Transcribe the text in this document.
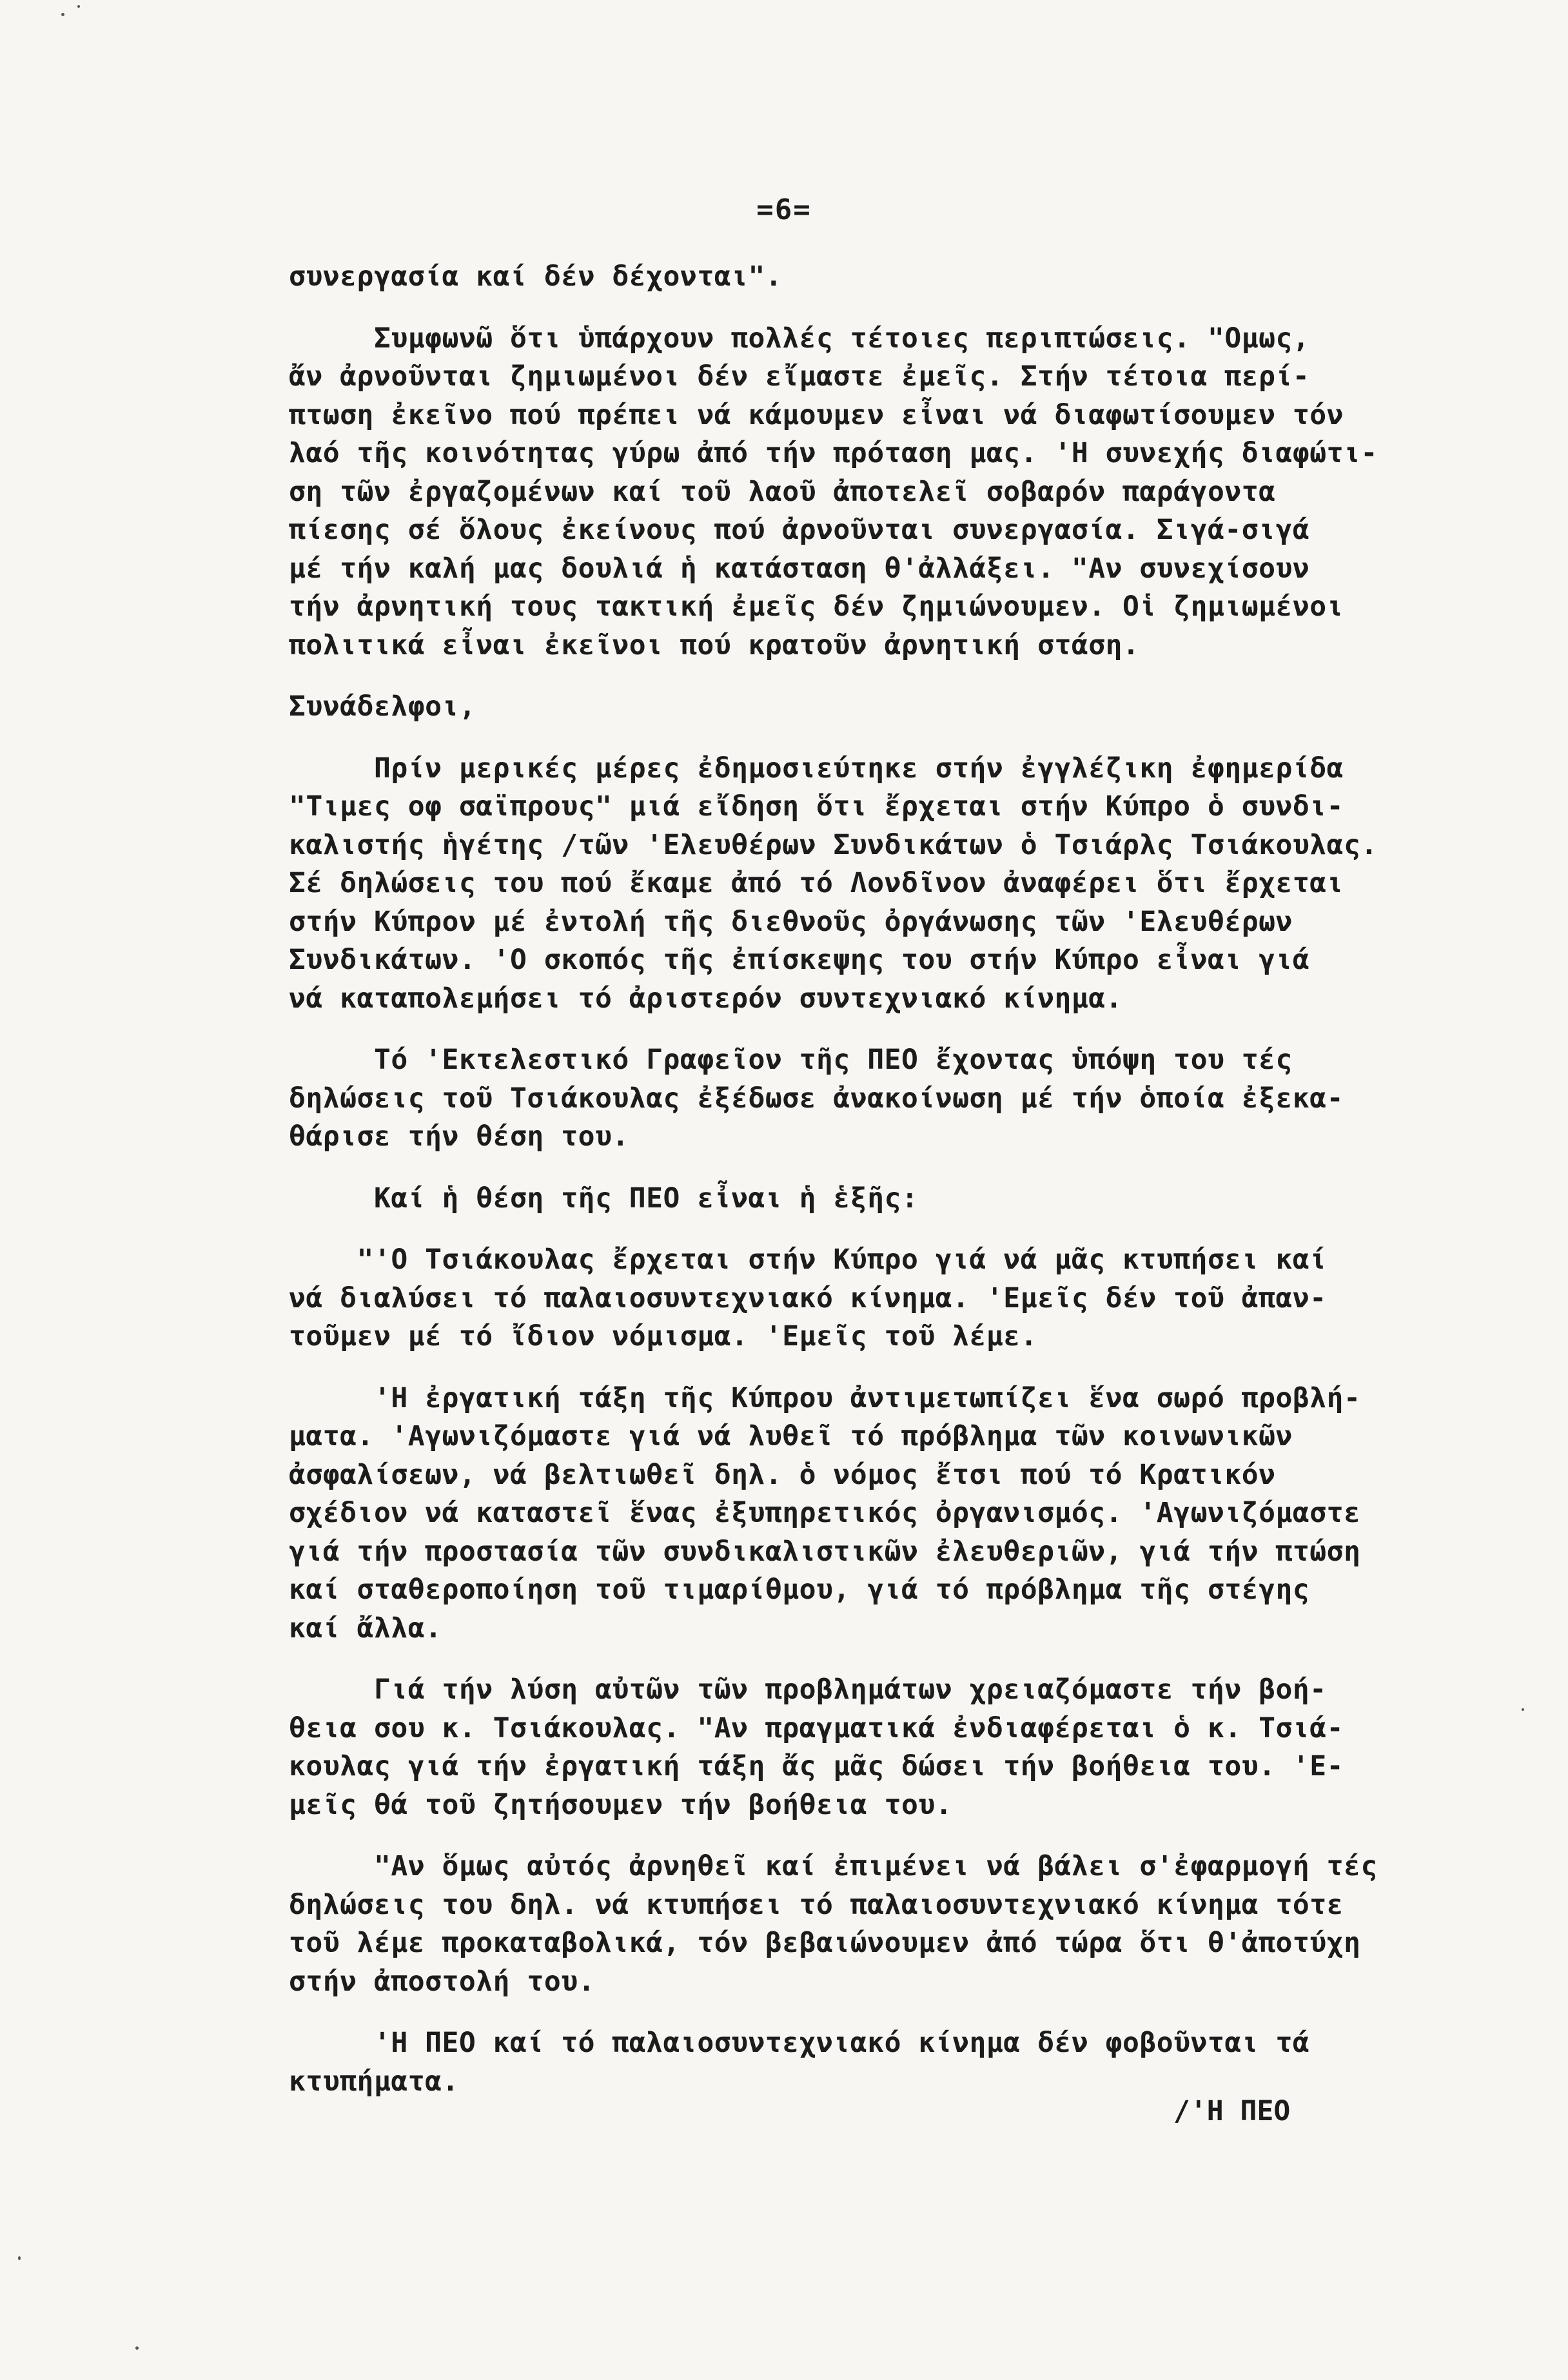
=6=
συνεργασία καί δέν δέχονται".
Συμφωνῶ ὅτι ὑπάρχουν πολλές τέτοιες περιπτώσεις. "Ομως,
ἄν ἀρνοῦνται ζημιωμένοι δέν εἴμαστε ἐμεῖς. Στήν τέτοια περί-
πτωση ἐκεῖνο πού πρέπει νά κάμουμεν εἶναι νά διαφωτίσουμεν τόν
λαό τῆς κοινότητας γύρω ἀπό τήν πρόταση μας. 'Η συνεχής διαφώτι-
ση τῶν ἐργαζομένων καί τοῦ λαοῦ ἀποτελεῖ σοβαρόν παράγοντα
πίεσης σέ ὅλους ἐκείνους πού ἀρνοῦνται συνεργασία. Σιγά-σιγά
μέ τήν καλή μας δουλιά ἡ κατάσταση θ'ἀλλάξει. "Αν συνεχίσουν
τήν ἀρνητική τους τακτική ἐμεῖς δέν ζημιώνουμεν. Οἱ ζημιωμένοι
πολιτικά εἶναι ἐκεῖνοι πού κρατοῦν ἀρνητική στάση.
Συνάδελφοι,
Πρίν μερικές μέρες ἐδημοσιεύτηκε στήν ἐγγλέζικη ἐφημερίδα
"Τιμες οφ σαϊπρους" μιά εἴδηση ὅτι ἔρχεται στήν Κύπρο ὁ συνδι-
καλιστής ἡγέτης /τῶν 'Ελευθέρων Συνδικάτων ὁ Τσιάρλς Τσιάκουλας.
Σέ δηλώσεις του πού ἔκαμε ἀπό τό Λονδῖνον ἀναφέρει ὅτι ἔρχεται
στήν Κύπρον μέ ἐντολή τῆς διεθνοῦς ὀργάνωσης τῶν 'Ελευθέρων
Συνδικάτων. 'Ο σκοπός τῆς ἐπίσκεψης του στήν Κύπρο εἶναι γιά
νά καταπολεμήσει τό ἀριστερόν συντεχνιακό κίνημα.
Τό 'Εκτελεστικό Γραφεῖον τῆς ΠΕΟ ἔχοντας ὑπόψη του τές
δηλώσεις τοῦ Τσιάκουλας ἐξέδωσε ἀνακοίνωση μέ τήν ὁποία ἐξεκα-
θάρισε τήν θέση του.
Καί ἡ θέση τῆς ΠΕΟ εἶναι ἡ ἑξῆς:
"'Ο Τσιάκουλας ἔρχεται στήν Κύπρο γιά νά μᾶς κτυπήσει καί
νά διαλύσει τό παλαιοσυντεχνιακό κίνημα. 'Εμεῖς δέν τοῦ ἀπαν-
τοῦμεν μέ τό ἴδιον νόμισμα. 'Εμεῖς τοῦ λέμε.
'Η ἐργατική τάξη τῆς Κύπρου ἀντιμετωπίζει ἕνα σωρό προβλή-
ματα. 'Αγωνιζόμαστε γιά νά λυθεῖ τό πρόβλημα τῶν κοινωνικῶν
ἀσφαλίσεων, νά βελτιωθεῖ δηλ. ὁ νόμος ἔτσι πού τό Κρατικόν
σχέδιον νά καταστεῖ ἕνας ἐξυπηρετικός ὀργανισμός. 'Αγωνιζόμαστε
γιά τήν προστασία τῶν συνδικαλιστικῶν ἐλευθεριῶν, γιά τήν πτώση
καί σταθεροποίηση τοῦ τιμαρίθμου, γιά τό πρόβλημα τῆς στέγης
καί ἄλλα.
Γιά τήν λύση αὐτῶν τῶν προβλημάτων χρειαζόμαστε τήν βοή-
θεια σου κ. Τσιάκουλας. "Αν πραγματικά ἐνδιαφέρεται ὁ κ. Τσιά-
κουλας γιά τήν ἐργατική τάξη ἄς μᾶς δώσει τήν βοήθεια του. 'Ε-
μεῖς θά τοῦ ζητήσουμεν τήν βοήθεια του.
"Αν ὅμως αὐτός ἀρνηθεῖ καί ἐπιμένει νά βάλει σ'ἐφαρμογή τές
δηλώσεις του δηλ. νά κτυπήσει τό παλαιοσυντεχνιακό κίνημα τότε
τοῦ λέμε προκαταβολικά, τόν βεβαιώνουμεν ἀπό τώρα ὅτι θ'ἀποτύχη
στήν ἀποστολή του.
'Η ΠΕΟ καί τό παλαιοσυντεχνιακό κίνημα δέν φοβοῦνται τά
κτυπήματα.
/'Η ΠΕΟ
